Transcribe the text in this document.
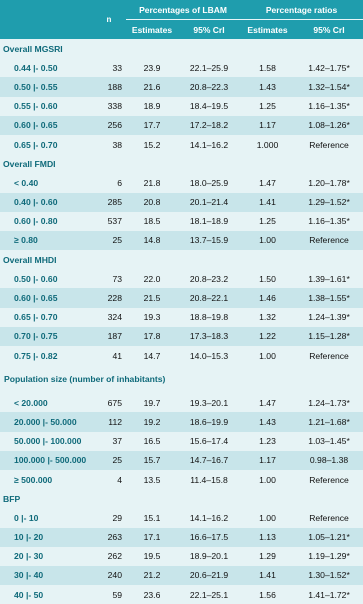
	n	Percentages of LBAM		Percentage ratios	
		Estimates	95% CrI	Estimates	95% CrI
Overall MGSRI					
0.44 |- 0.50	33	23.9	22.1–25.9	1.58	1.42–1.75*
0.50 |- 0.55	188	21.6	20.8–22.3	1.43	1.32–1.54*
0.55 |- 0.60	338	18.9	18.4–19.5	1.25	1.16–1.35*
0.60 |- 0.65	256	17.7	17.2–18.2	1.17	1.08–1.26*
0.65 |- 0.70	38	15.2	14.1–16.2	1.000	Reference
Overall FMDI					
< 0.40	6	21.8	18.0–25.9	1.47	1.20–1.78*
0.40 |- 0.60	285	20.8	20.1–21.4	1.41	1.29–1.52*
0.60 |- 0.80	537	18.5	18.1–18.9	1.25	1.16–1.35*
≥ 0.80	25	14.8	13.7–15.9	1.00	Reference
Overall MHDI					
0.50 |- 0.60	73	22.0	20.8–23.2	1.50	1.39–1.61*
0.60 |- 0.65	228	21.5	20.8–22.1	1.46	1.38–1.55*
0.65 |- 0.70	324	19.3	18.8–19.8	1.32	1.24–1.39*
0.70 |- 0.75	187	17.8	17.3–18.3	1.22	1.15–1.28*
0.75 |- 0.82	41	14.7	14.0–15.3	1.00	Reference
Population size (number of inhabitants)					
< 20.000	675	19.7	19.3–20.1	1.47	1.24–1.73*
20.000 |- 50.000	112	19.2	18.6–19.9	1.43	1.21–1.68*
50.000 |- 100.000	37	16.5	15.6–17.4	1.23	1.03–1.45*
100.000 |- 500.000	25	15.7	14.7–16.7	1.17	0.98–1.38
≥ 500.000	4	13.5	11.4–15.8	1.00	Reference
BFP					
0 |- 10	29	15.1	14.1–16.2	1.00	Reference
10 |- 20	263	17.1	16.6–17.5	1.13	1.05–1.21*
20 |- 30	262	19.5	18.9–20.1	1.29	1.19–1.29*
30 |- 40	240	21.2	20.6–21.9	1.41	1.30–1.52*
40 |- 50	59	23.6	22.1–25.1	1.56	1.41–1.72*
